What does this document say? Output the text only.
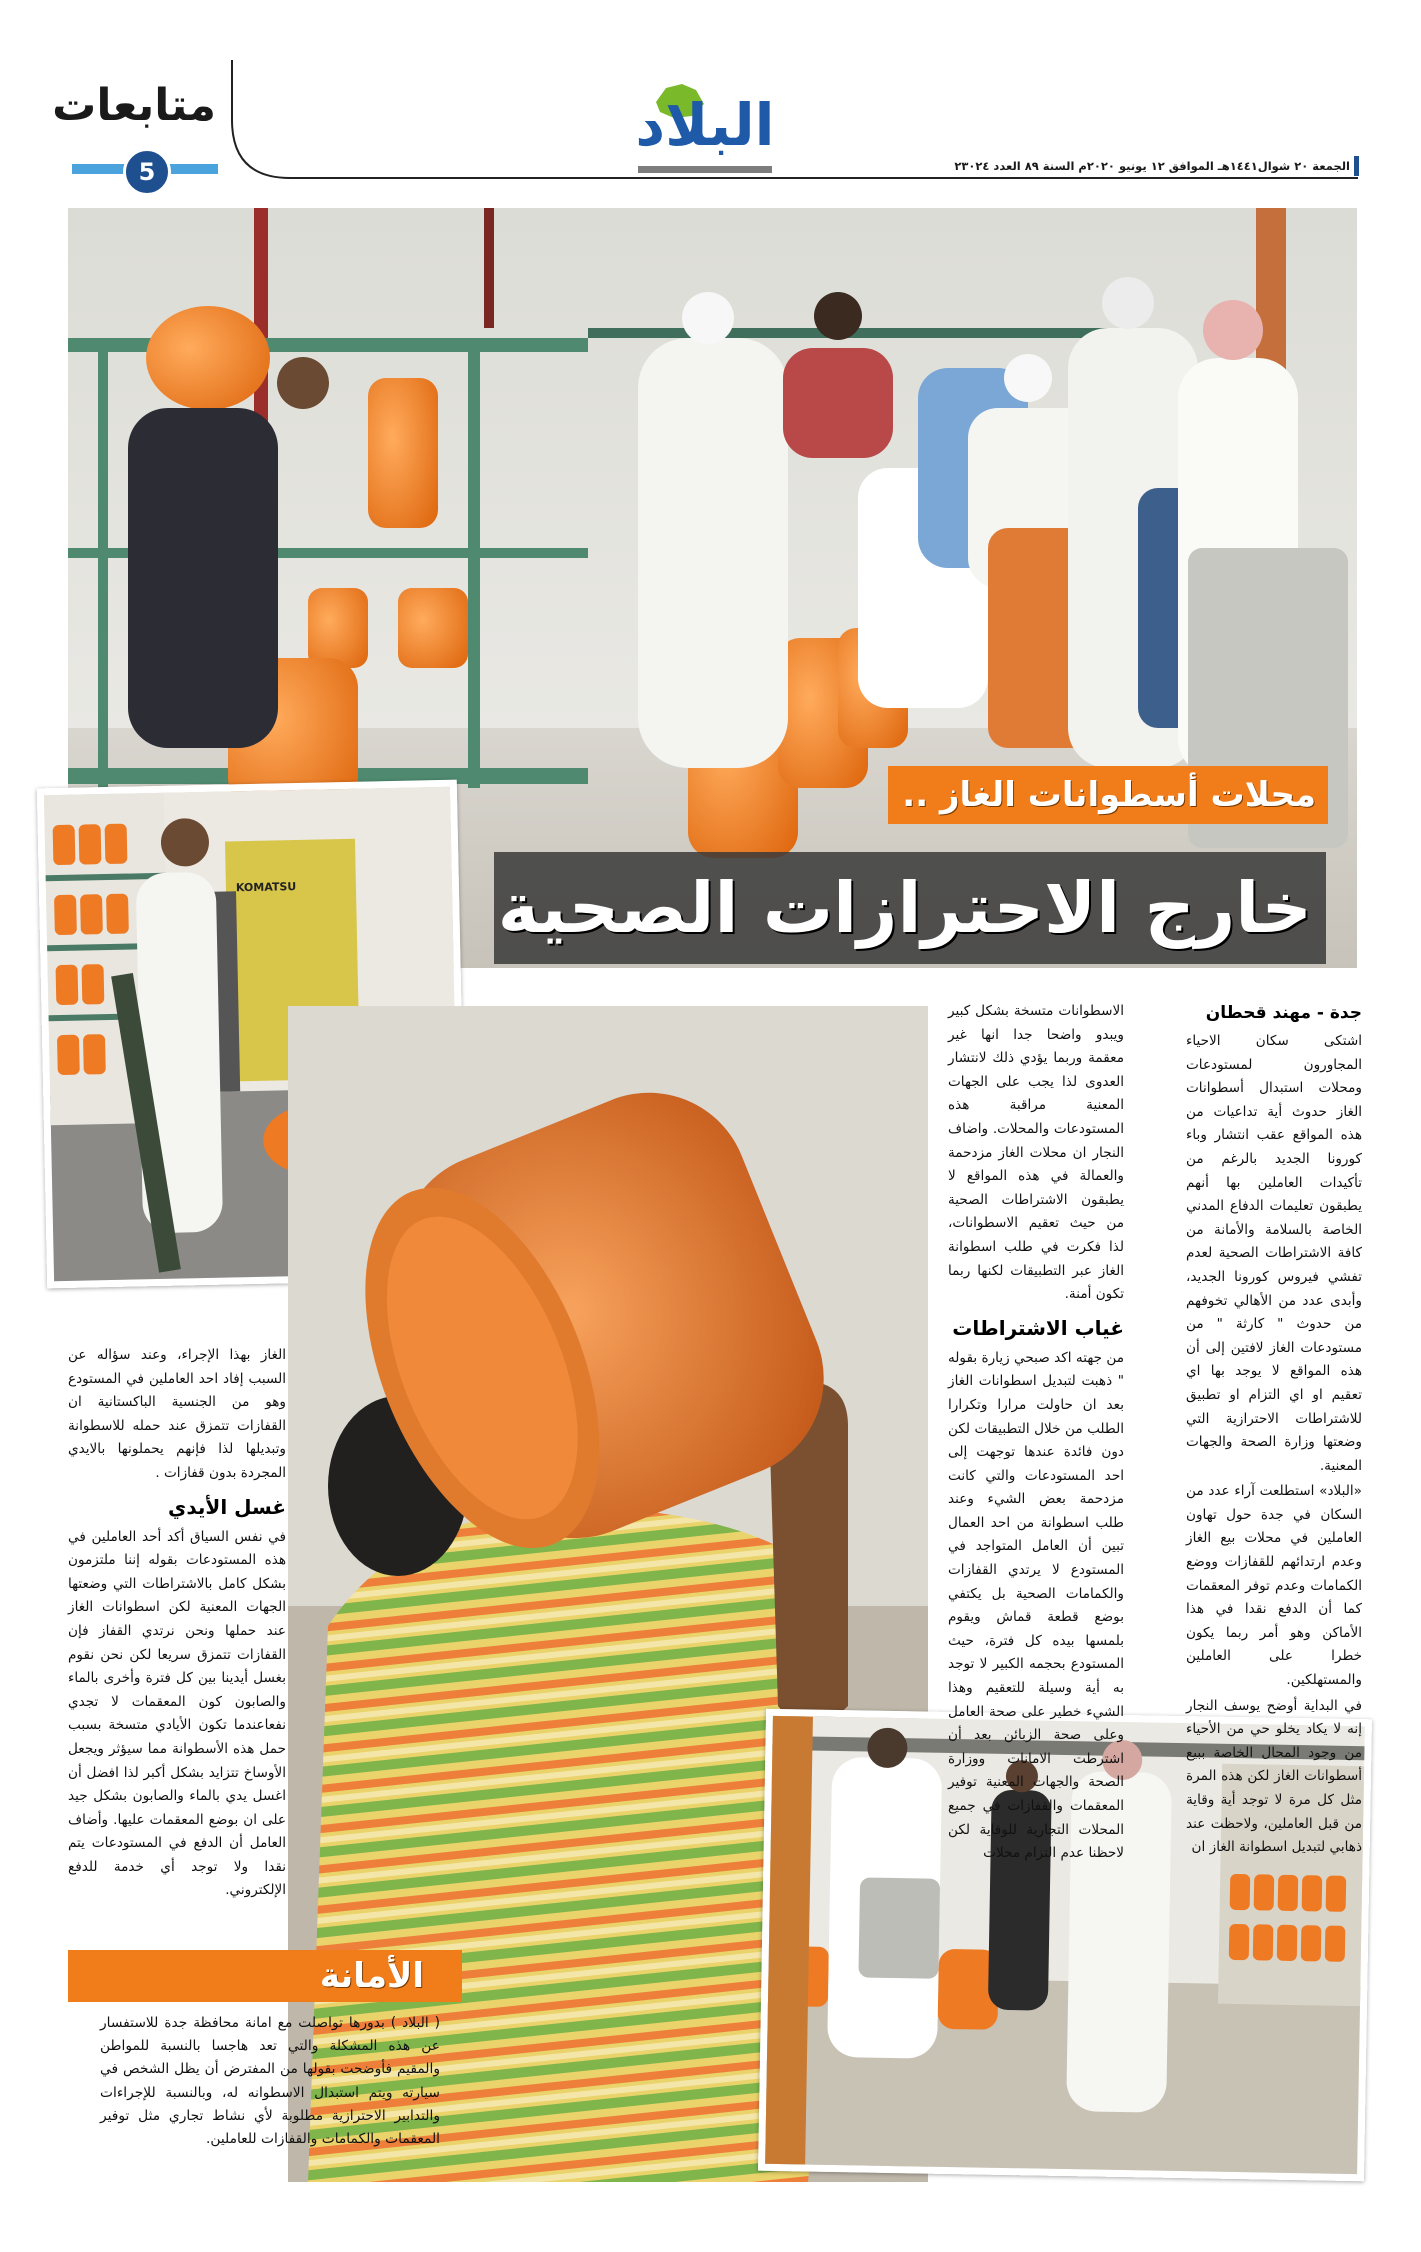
متابعات
5
البلاد
الجمعة ٢٠ شوال١٤٤١هـ الموافق ١٢ يونيو ٢٠٢٠م السنة ٨٩ العدد ٢٣٠٢٤
محلات أسطوانات الغاز ..
خارج الاحترازات الصحية
KOMATSU
جدة - مهند قحطان

اشتكى سكان الاحياء المجاورون لمستودعات ومحلات استبدال أسطوانات الغاز حدوث أية تداعيات من هذه المواقع عقب انتشار وباء كورونا الجديد بالرغم من تأكيدات العاملين بها أنهم يطبقون تعليمات الدفاع المدني الخاصة بالسلامة والأمانة من كافة الاشتراطات الصحية لعدم تفشي فيروس كورونا الجديد، وأبدى عدد من الأهالي تخوفهم من حدوث " كارثة " من مستودعات الغاز لافتين إلى أن هذه المواقع لا يوجد بها اي تعقيم او اي التزام او تطبيق للاشتراطات الاحترازية التي وضعتها وزارة الصحة والجهات المعنية.

«البلاد» استطلعت آراء عدد من السكان في جدة حول تهاون العاملين في محلات بيع الغاز وعدم ارتدائهم للقفازات ووضع الكمامات وعدم توفر المعقمات كما أن الدفع نقدا في هذا الأماكن وهو أمر ربما يكون خطرا على العاملين والمستهلكين.

في البداية أوضح يوسف النجار إنه لا يكاد يخلو حي من الأحياء من وجود المحال الخاصة ببيع أسطوانات الغاز لكن هذه المرة مثل كل مرة لا توجد أية وقاية من قبل العاملين، ولاحظت عند ذهابي لتبديل اسطوانة الغاز ان

الاسطوانات متسخة بشكل كبير ويبدو واضحا جدا انها غير معقمة وربما يؤدي ذلك لانتشار العدوى لذا يجب على الجهات المعنية مراقبة هذه المستودعات والمحلات. واضاف النجار ان محلات الغاز مزدحمة والعمالة في هذه المواقع لا يطبقون الاشتراطات الصحية من حيث تعقيم الاسطوانات، لذا فكرت في طلب اسطوانة الغاز عبر التطبيقات لكنها ربما تكون أمنة.

غياب الاشتراطات

من جهته اكد صبحي زيارة بقوله " ذهبت لتبديل اسطوانات الغاز بعد ان حاولت مرارا وتكرارا الطلب من خلال التطبيقات لكن دون فائدة عندها توجهت إلى احد المستودعات والتي كانت مزدحمة بعض الشيء وعند طلب اسطوانة من احد العمال تبين أن العامل المتواجد في المستودع لا يرتدي القفازات والكمامات الصحية بل يكتفي بوضع قطعة قماش ويقوم بلمسها بيده كل فترة، حيث المستودع بحجمه الكبير لا توجد به أية وسيلة للتعقيم وهذا الشيء خطير على صحة العامل وعلى صحة الزبائن بعد أن اشترطت الامانات ووزارة الصحة والجهات المعنية توفير المعقمات والقفازات في جميع المحلات التجارية للوقاية لكن لاحظنا عدم التزام محلات

الغاز بهذا الإجراء، وعند سؤاله عن السبب إفاد احد العاملين في المستودع وهو من الجنسية الباكستانية ان القفازات تتمزق عند حمله للاسطوانة وتبديلها لذا فإنهم يحملونها بالايدي المجردة بدون قفازات .

غسل الأيدي

في نفس السياق أكد أحد العاملين في هذه المستودعات بقوله إننا ملتزمون بشكل كامل بالاشتراطات التي وضعتها الجهات المعنية لكن اسطوانات الغاز عند حملها ونحن نرتدي القفاز فإن القفازات تتمزق سريعا لكن نحن نقوم بغسل أيدينا بين كل فترة وأخرى بالماء والصابون كون المعقمات لا تجدي نفعاعندما تكون الأيادي متسخة بسبب حمل هذه الأسطوانة مما سيؤثر ويجعل الأوساخ تتزايد بشكل أكبر لذا افضل أن اغسل يدي بالماء والصابون بشكل جيد على ان بوضع المعقمات عليها. وأضاف العامل أن الدفع في المستودعات يتم نقدا ولا توجد أي خدمة للدفع الإلكتروني.

الأمانة

( البلاد ) بدورها تواصلت مع امانة محافظة جدة للاستفسار عن هذه المشكلة والتي تعد هاجسا بالنسبة للمواطن والمقيم فأوضحت بقولها من المفترض أن يظل الشخص في سيارته ويتم استبدال الاسطوانه له، وبالنسبة للإجراءات والتدابير الاحترازية مطلوبة لأي نشاط تجاري مثل توفير المعقمات والكمامات والقفازات للعاملين.
